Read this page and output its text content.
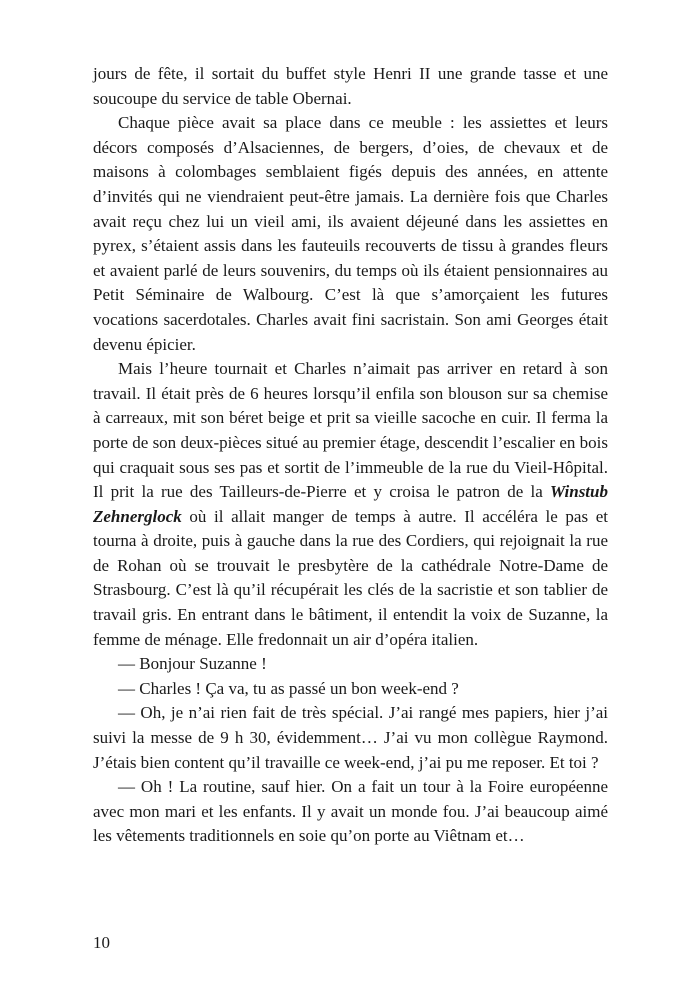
jours de fête, il sortait du buffet style Henri II une grande tasse et une soucoupe du service de table Obernai.

Chaque pièce avait sa place dans ce meuble : les assiettes et leurs décors composés d’Alsaciennes, de bergers, d’oies, de chevaux et de maisons à colombages semblaient figés depuis des années, en attente d’invités qui ne viendraient peut-être jamais. La dernière fois que Charles avait reçu chez lui un vieil ami, ils avaient déjeuné dans les assiettes en pyrex, s’étaient assis dans les fauteuils recouverts de tissu à grandes fleurs et avaient parlé de leurs souvenirs, du temps où ils étaient pensionnaires au Petit Séminaire de Walbourg. C’est là que s’amorçaient les futures vocations sacerdotales. Charles avait fini sacristain. Son ami Georges était devenu épicier.

Mais l’heure tournait et Charles n’aimait pas arriver en retard à son travail. Il était près de 6 heures lorsqu’il enfila son blouson sur sa chemise à carreaux, mit son béret beige et prit sa vieille sacoche en cuir. Il ferma la porte de son deux-pièces situé au premier étage, descendit l’escalier en bois qui craquait sous ses pas et sortit de l’immeuble de la rue du Vieil-Hôpital. Il prit la rue des Tailleurs-de-Pierre et y croisa le patron de la Winstub Zehnerglock où il allait manger de temps à autre. Il accéléra le pas et tourna à droite, puis à gauche dans la rue des Cordiers, qui rejoignait la rue de Rohan où se trouvait le presbytère de la cathédrale Notre-Dame de Strasbourg. C’est là qu’il récupérait les clés de la sacristie et son tablier de travail gris. En entrant dans le bâtiment, il entendit la voix de Suzanne, la femme de ménage. Elle fredonnait un air d’opéra italien.

— Bonjour Suzanne !

— Charles ! Ça va, tu as passé un bon week-end ?

— Oh, je n’ai rien fait de très spécial. J’ai rangé mes papiers, hier j’ai suivi la messe de 9 h 30, évidemment… J’ai vu mon collègue Raymond. J’étais bien content qu’il travaille ce week-end, j’ai pu me reposer. Et toi ?

— Oh ! La routine, sauf hier. On a fait un tour à la Foire européenne avec mon mari et les enfants. Il y avait un monde fou. J’ai beaucoup aimé les vêtements traditionnels en soie qu’on porte au Viêtnam et…

10
